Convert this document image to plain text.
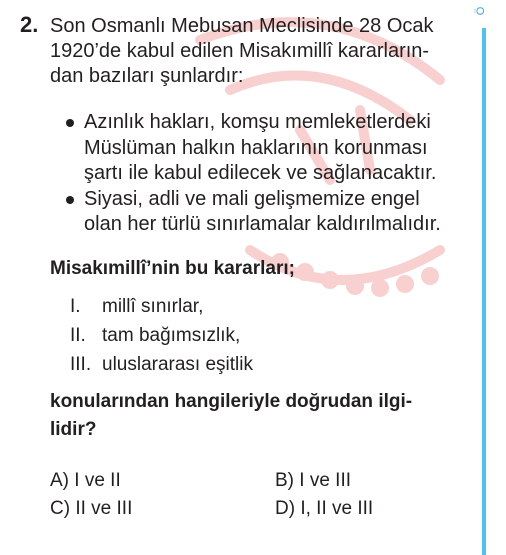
Ö
2. Son Osmanlı Mebusan Meclisinde 28 Ocak
1920’de kabul edilen Misakımillî kararların-
dan bazıları şunlardır:
Azınlık hakları, komşu memleketlerdeki
Müslüman halkın haklarının korunması
şartı ile kabul edilecek ve sağlanacaktır.
Siyasi, adli ve mali gelişmemize engel
olan her türlü sınırlamalar kaldırılmalıdır.
Misakımillî’nin bu kararları;
I.	millî sınırlar,
II. tam bağımsızlık,
III. uluslararası eşitlik
konularından hangileriyle doğrudan ilgi-
lidir?
A) I ve II	B) I ve III
C) II ve III	D) I, II ve III
